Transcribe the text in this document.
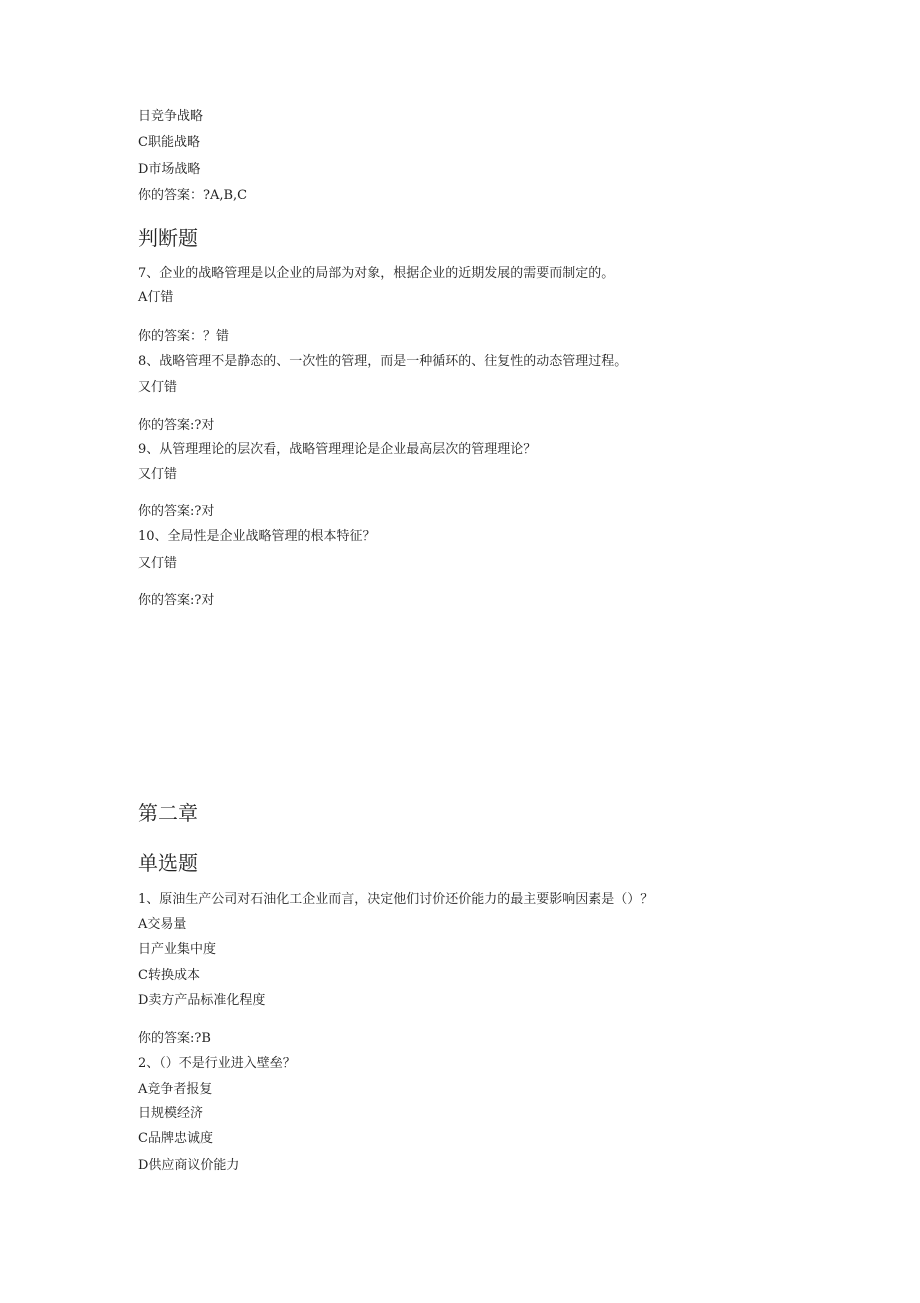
日竞争战略
C职能战略
D市场战略
你的答案：?A,B,C
判断题
7、企业的战略管理是以企业的局部为对象，根据企业的近期发展的需要而制定的。
A仃错
你的答案：？错
8、战略管理不是静态的、一次性的管理，而是一种循环的、往复性的动态管理过程。
又仃错
你的答案:?对
9、从管理理论的层次看，战略管理理论是企业最高层次的管理理论？
又仃错
你的答案:?对
10、全局性是企业战略管理的根本特征？
又仃错
你的答案:?对
第二章
单选题
1、原油生产公司对石油化工企业而言，决定他们讨价还价能力的最主要影响因素是（）？
A交易量
日产业集中度
C转换成本
D卖方产品标准化程度
你的答案:?B
2、（）不是行业进入壁垒？
A竞争者报复
日规模经济
C品牌忠诚度
D供应商议价能力
